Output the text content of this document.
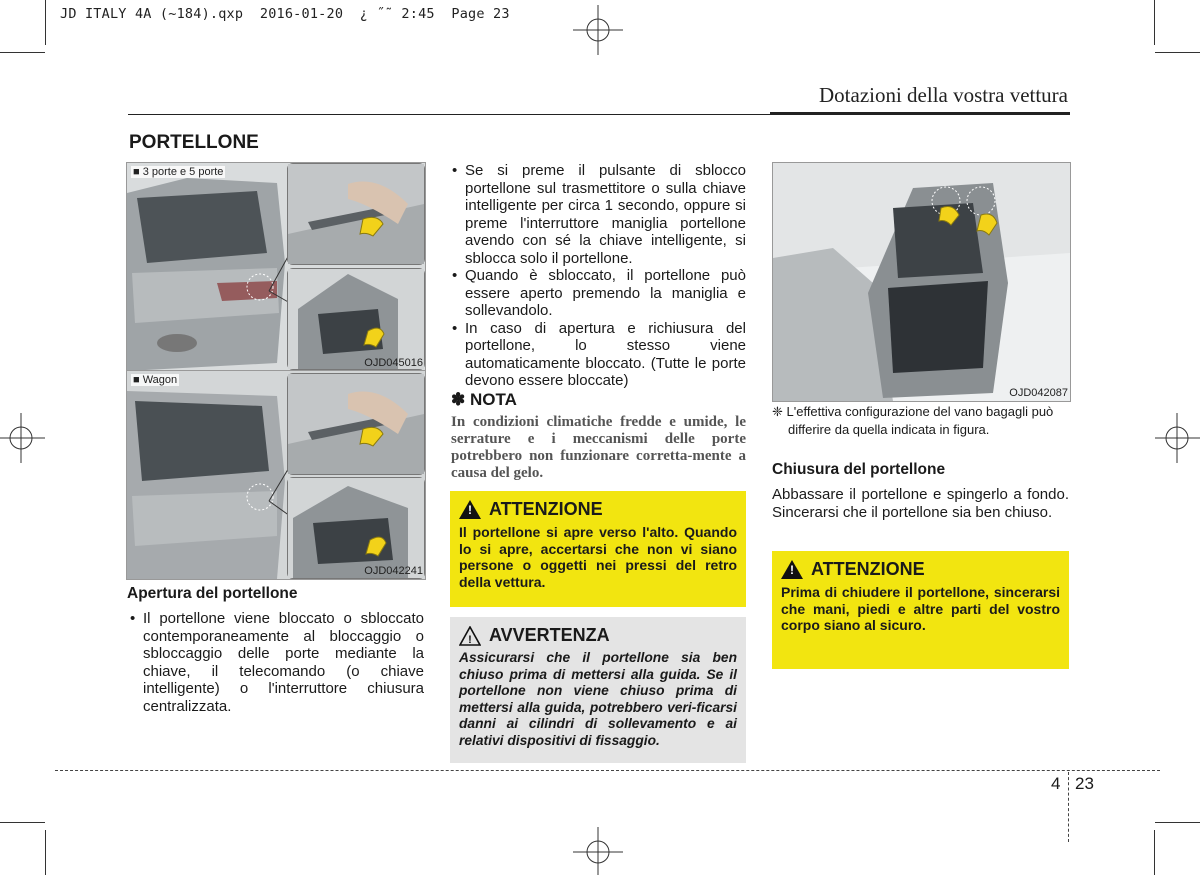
JD ITALY 4A (~184).qxp  2016-01-20  ¿ ˝˜ 2:45  Page 23
Dotazioni della vostra vettura
PORTELLONE
■ 3 porte e 5 porte
OJD045016
■ Wagon
OJD042241
Apertura del portellone
• Il portellone viene bloccato o sbloccato contemporaneamente al bloccaggio o sbloccaggio delle porte mediante la chiave, il telecomando (o chiave intelligente) o l'interruttore chiusura centralizzata.
• Se si preme il pulsante di sblocco portellone sul trasmettitore o sulla chiave intelligente per circa 1 secondo, oppure si preme l'interruttore maniglia portellone avendo con sé la chiave intelligente, si sblocca solo il portellone.
• Quando è sbloccato, il portellone può essere aperto premendo la maniglia e sollevandolo.
• In caso di apertura e richiusura del portellone, lo stesso viene automaticamente bloccato. (Tutte le porte devono essere bloccate)
✽ NOTA
In condizioni climatiche fredde e umide, le serrature e i meccanismi delle porte potrebbero non funzionare corretta-mente a causa del gelo.
!
ATTENZIONE
Il portellone si apre verso l'alto. Quando lo si apre, accertarsi che non vi siano persone o oggetti nei pressi del retro della vettura.
! AVVERTENZA
Assicurarsi che il portellone sia ben chiuso prima di mettersi alla guida. Se il portellone non viene chiuso prima di mettersi alla guida, potrebbero veri-ficarsi danni ai cilindri di sollevamento e ai relativi dispositivi di fissaggio.
OJD042087
❈ L'effettiva configurazione del vano bagagli può differire da quella indicata in figura.
Chiusura del portellone
Abbassare il portellone e spingerlo a fondo. Sincerarsi che il portellone sia ben chiuso.
!
ATTENZIONE
Prima di chiudere il portellone, sincerarsi che mani, piedi e altre parti del vostro corpo siano al sicuro.
4 23
